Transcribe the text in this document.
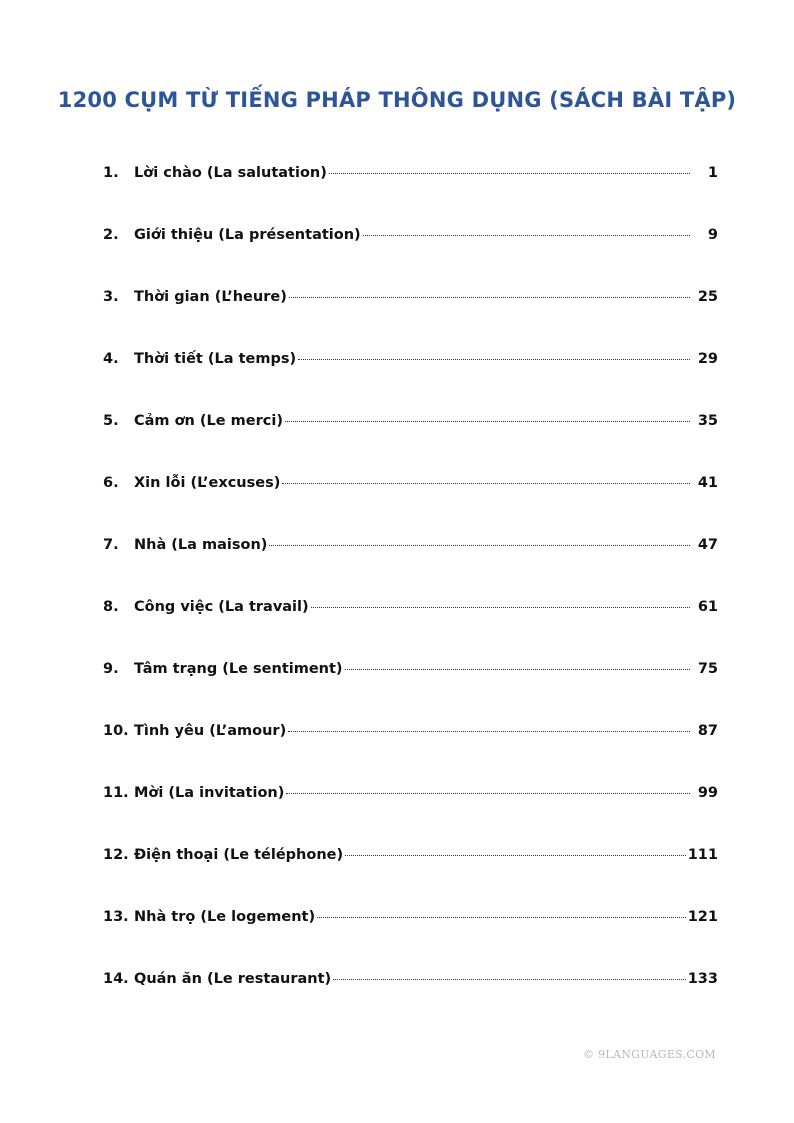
1200 CỤM TỪ TIẾNG PHÁP THÔNG DỤNG (SÁCH BÀI TẬP)
1.	Lời chào (La salutation)	1
2.	Giới thiệu (La présentation)	9
3.	Thời gian (L’heure)	25
4.	Thời tiết (La temps)	29
5.	Cảm ơn (Le merci)	35
6.	Xin lỗi (L’excuses)	41
7.	Nhà (La maison)	47
8.	Công việc (La travail)	61
9.	Tâm trạng (Le sentiment)	75
10. Tình yêu (L’amour)	87
11. Mời (La invitation)	99
12. Điện thoại (Le téléphone)	111
13. Nhà trọ (Le logement)	121
14. Quán ăn (Le restaurant)	133
© 9LANGUAGES.COM
